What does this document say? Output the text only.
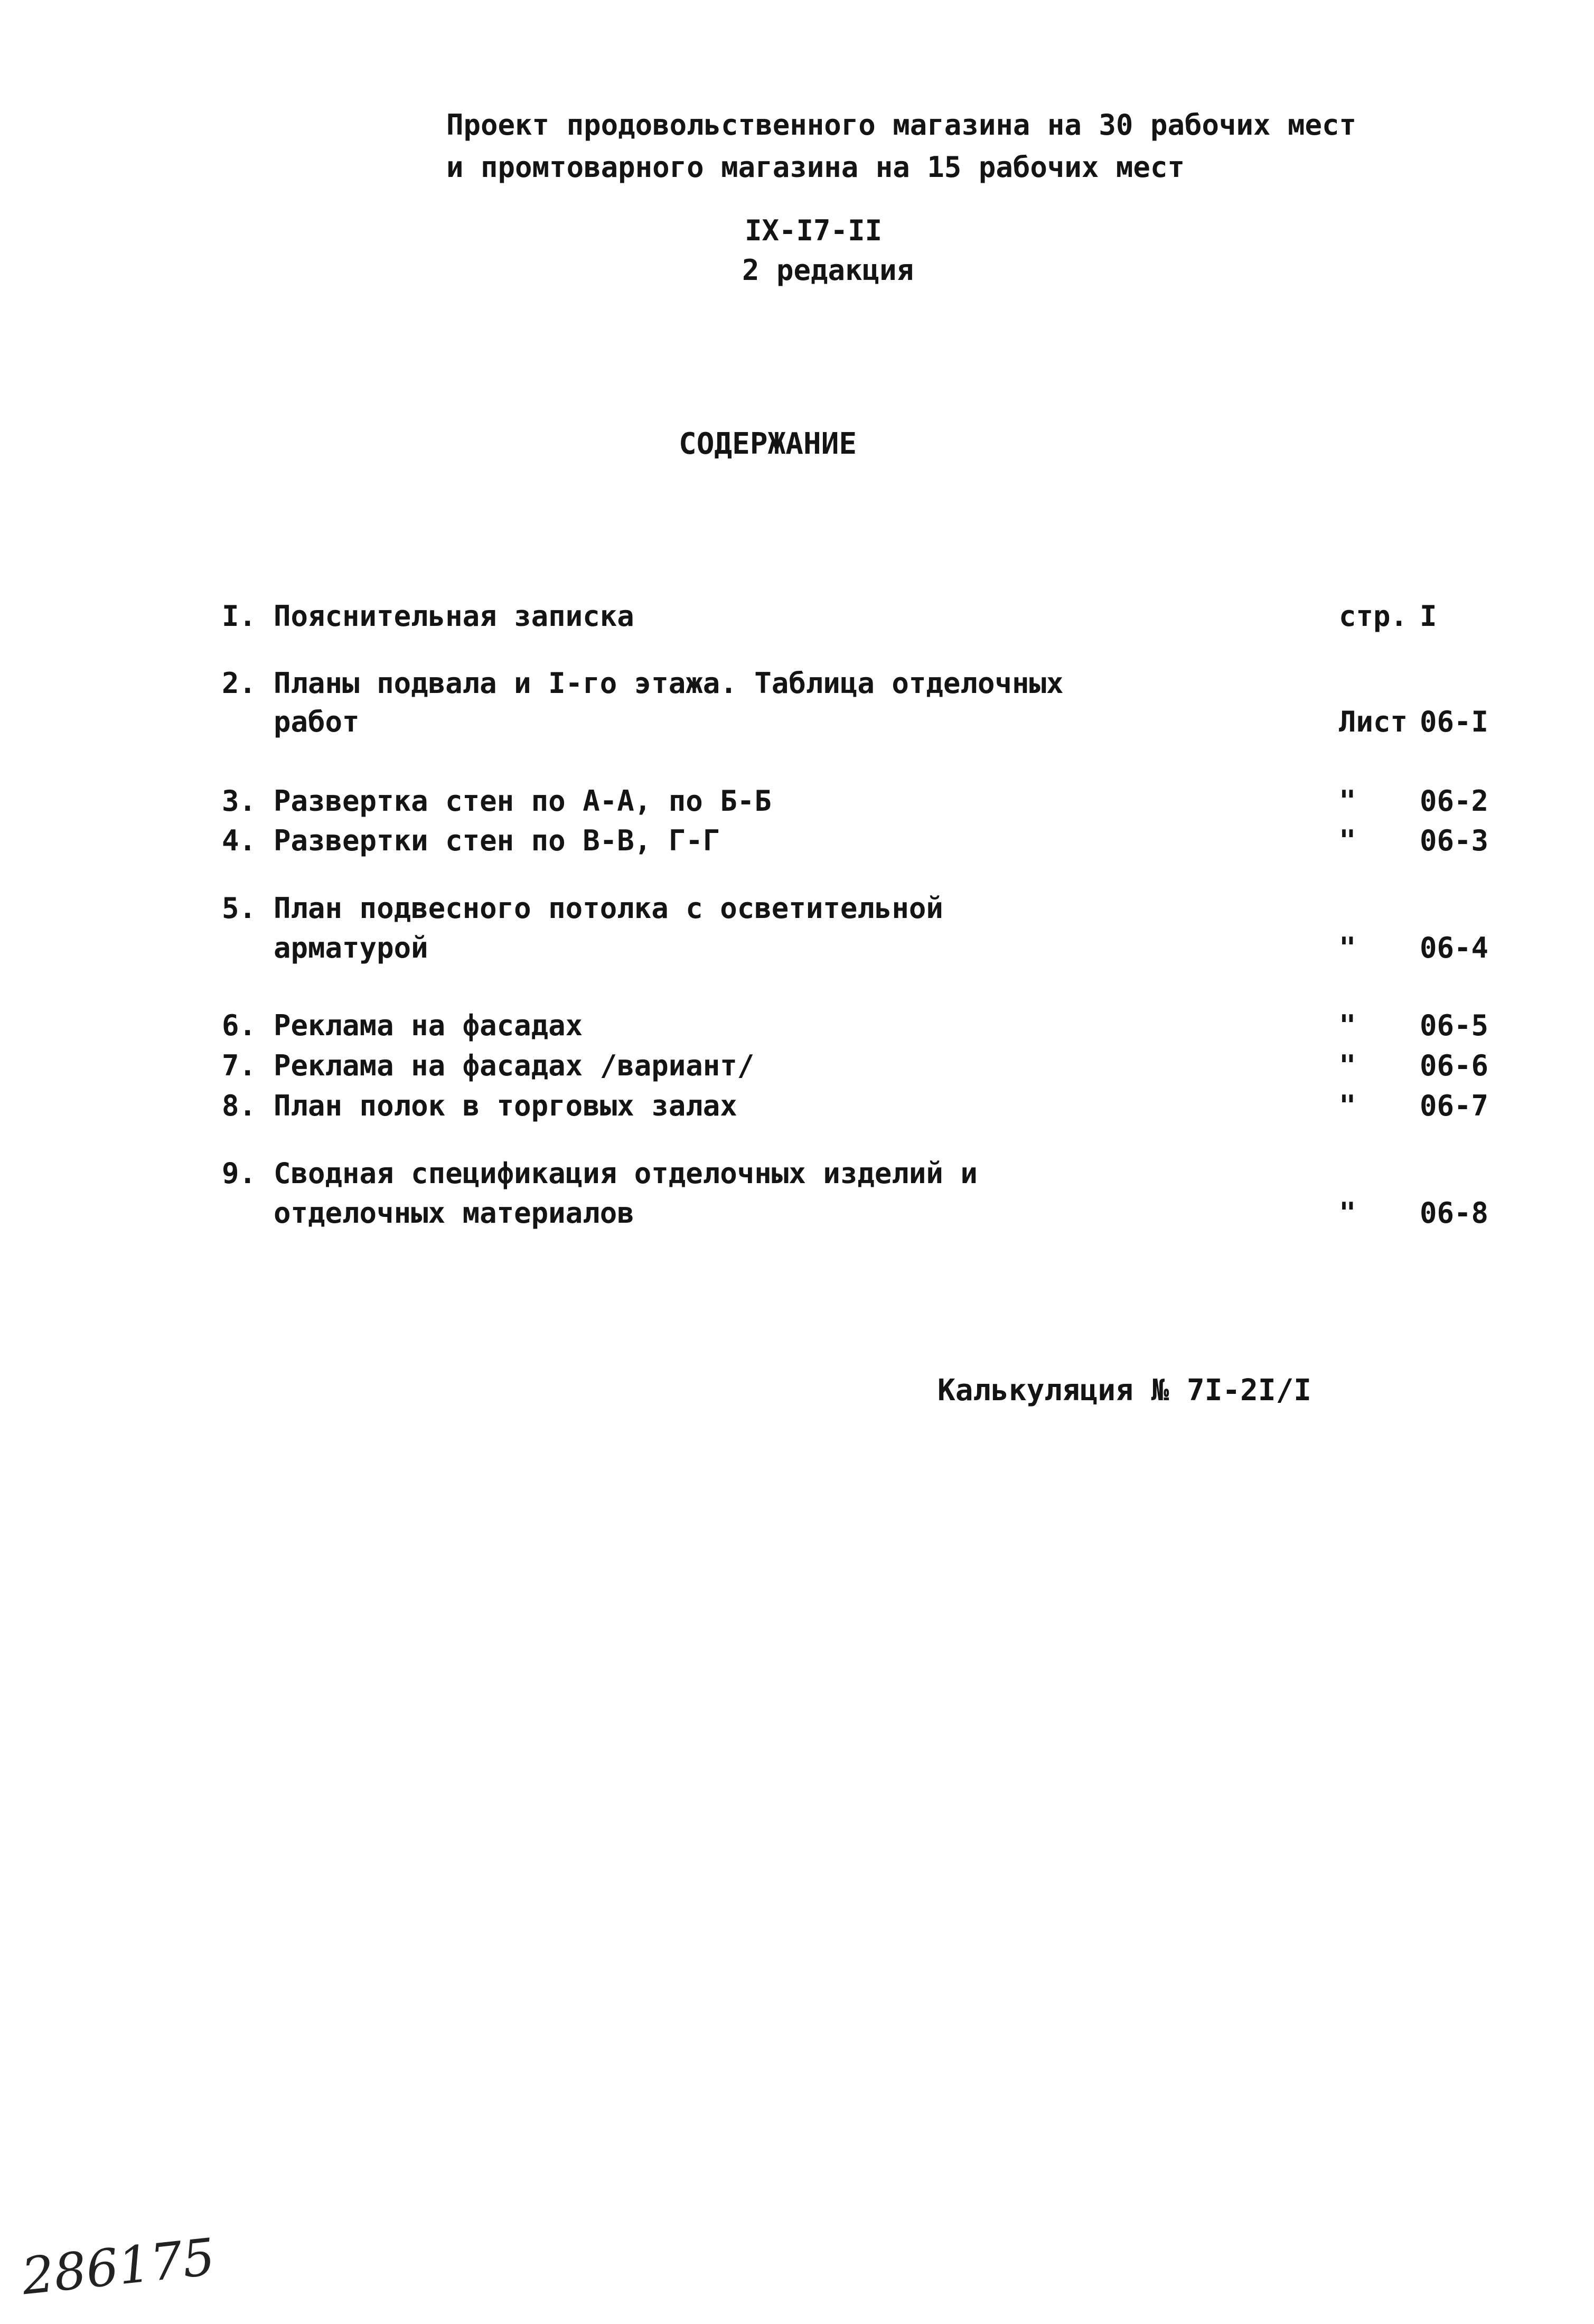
Проект продовольственного магазина на 30 рабочих мест
и промтоварного магазина на 15 рабочих мест
IX-I7-II
2 редакция
СОДЕРЖАНИЕ
I. Пояснительная записка	стр. I
2. Планы подвала и I-го этажа. Таблица отделочных
работ	Лист 06-I
3. Развертка стен по А-А, по Б-Б	" 06-2
4. Развертки стен по В-В, Г-Г	" 06-3
5. План подвесного потолка с осветительной
арматурой	" 06-4
6. Реклама на фасадах	" 06-5
7. Реклама на фасадах /вариант/	" 06-6
8. План полок в торговых залах	" 06-7
9. Сводная спецификация отделочных изделий и
отделочных материалов	" 06-8
Калькуляция № 7I-2I/I
286175
